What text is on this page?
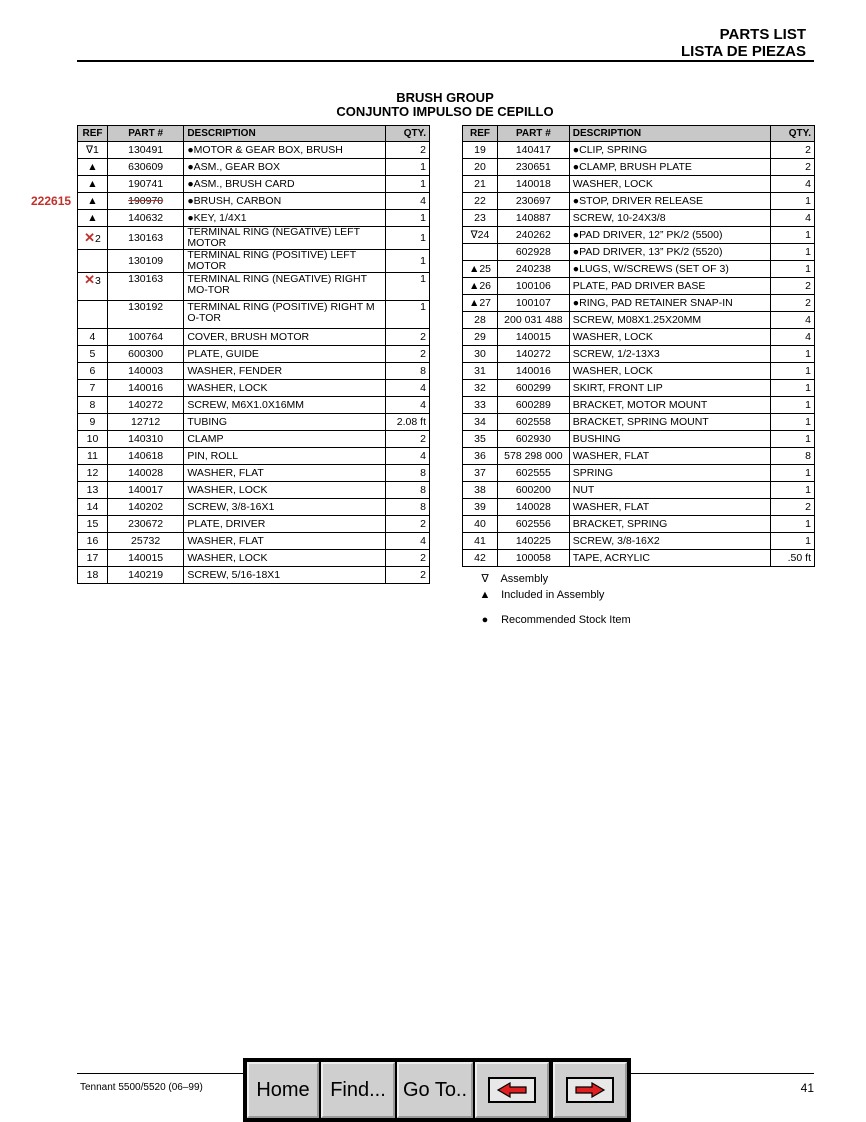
PARTS LIST
LISTA DE PIEZAS
BRUSH GROUP
CONJUNTO IMPULSO DE CEPILLO
222615
REF	PART #	DESCRIPTION	QTY.
∇1	130491	●MOTOR & GEAR BOX, BRUSH	2
▲	630609	●ASM., GEAR BOX	1
▲	190741	●ASM., BRUSH CARD	1
▲	190970	●BRUSH, CARBON	4
▲	140632	●KEY, 1/4X1	1
✕2	130163	TERMINAL RING (NEGATIVE) LEFT MOTOR	1
	130109	TERMINAL RING (POSITIVE) LEFT MOTOR	1
✕3	130163	TERMINAL RING (NEGATIVE) RIGHT MO-TOR	1
	130192	TERMINAL RING (POSITIVE) RIGHT MO-TOR	1
4	100764	COVER, BRUSH MOTOR	2
5	600300	PLATE, GUIDE	2
6	140003	WASHER, FENDER	8
7	140016	WASHER, LOCK	4
8	140272	SCREW, M6X1.0X16MM	4
9	12712	TUBING	2.08 ft
10	140310	CLAMP	2
11	140618	PIN, ROLL	4
12	140028	WASHER, FLAT	8
13	140017	WASHER, LOCK	8
14	140202	SCREW, 3/8-16X1	8
15	230672	PLATE, DRIVER	2
16	25732	WASHER, FLAT	4
17	140015	WASHER, LOCK	2
18	140219	SCREW, 5/16-18X1	2
REF	PART #	DESCRIPTION	QTY.
19	140417	●CLIP, SPRING	2
20	230651	●CLAMP, BRUSH PLATE	2
21	140018	WASHER, LOCK	4
22	230697	●STOP, DRIVER RELEASE	1
23	140887	SCREW, 10-24X3/8	4
∇24	240262	●PAD DRIVER, 12” PK/2 (5500)	1
	602928	●PAD DRIVER, 13” PK/2 (5520)	1
▲25	240238	●LUGS, W/SCREWS (SET OF 3)	1
▲26	100106	PLATE, PAD DRIVER BASE	2
▲27	100107	●RING, PAD RETAINER SNAP-IN	2
28	200 031 488	SCREW, M08X1.25X20MM	4
29	140015	WASHER, LOCK	4
30	140272	SCREW, 1/2-13X3	1
31	140016	WASHER, LOCK	1
32	600299	SKIRT, FRONT LIP	1
33	600289	BRACKET, MOTOR MOUNT	1
34	602558	BRACKET, SPRING MOUNT	1
35	602930	BUSHING	1
36	578 298 000	WASHER, FLAT	8
37	602555	SPRING	1
38	600200	NUT	1
39	140028	WASHER, FLAT	2
40	602556	BRACKET, SPRING	1
41	140225	SCREW, 3/8-16X2	1
42	100058	TAPE, ACRYLIC	.50 ft
∇ Assembly
▲ Included in Assembly
● Recommended Stock Item
Tennant 5500/5520 (06–99)	41
Home	Find... Go To..
